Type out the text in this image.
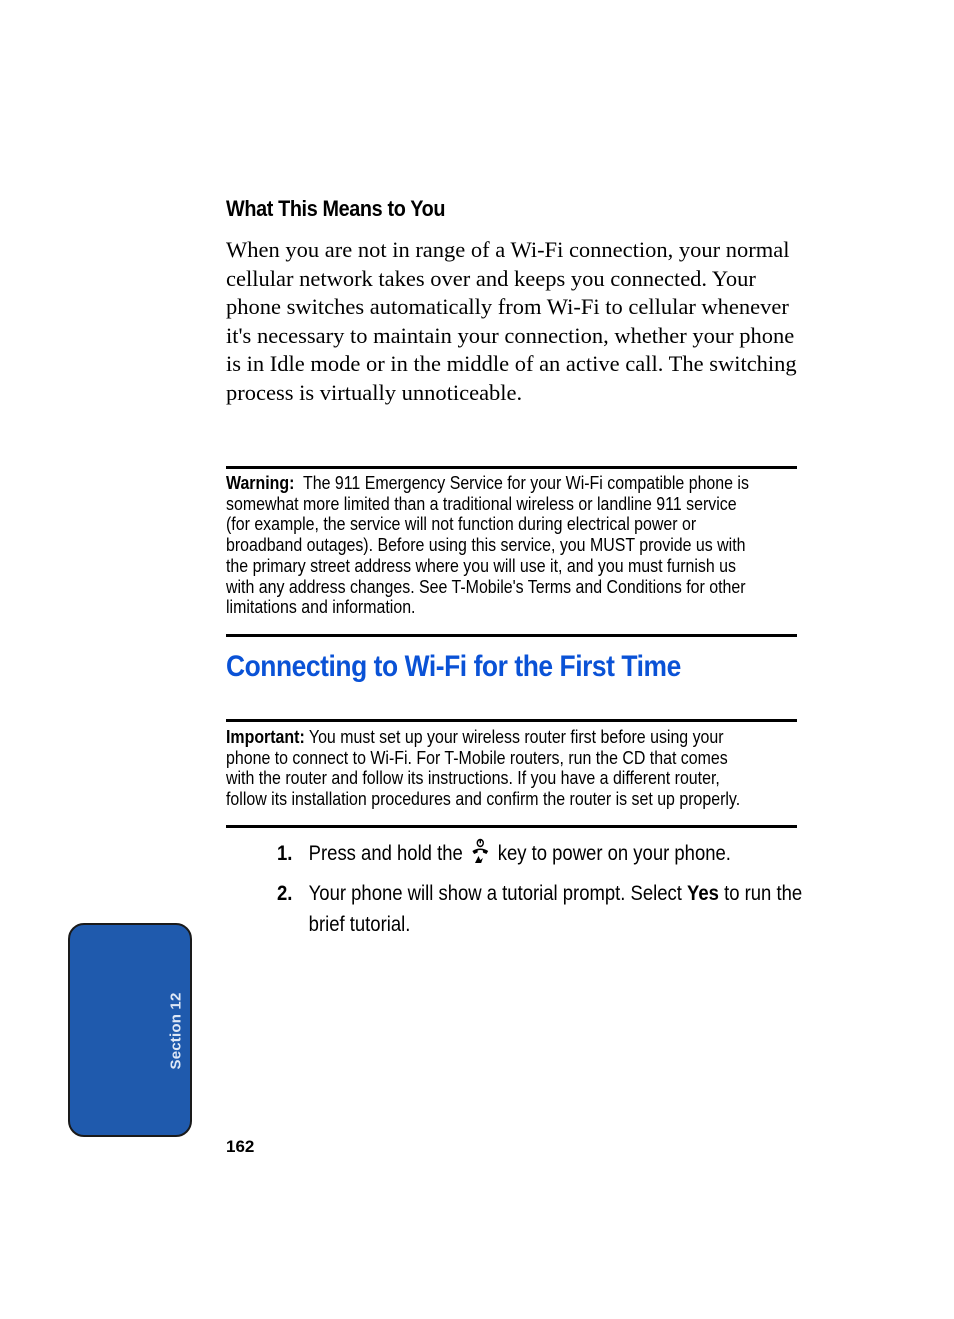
What This Means to You
When you are not in range of a Wi-Fi connection, your normal cellular network takes over and keeps you connected. Your phone switches automatically from Wi-Fi to cellular whenever it's necessary to maintain your connection, whether your phone is in Idle mode or in the middle of an active call. The switching process is virtually unnoticeable.
Warning: The 911 Emergency Service for your Wi-Fi compatible phone is somewhat more limited than a traditional wireless or landline 911 service (for example, the service will not function during electrical power or broadband outages). Before using this service, you MUST provide us with the primary street address where you will use it, and you must furnish us with any address changes. See T-Mobile's Terms and Conditions for other limitations and information.
Connecting to Wi-Fi for the First Time
Important: You must set up your wireless router first before using your phone to connect to Wi-Fi. For T-Mobile routers, run the CD that comes with the router and follow its instructions. If you have a different router, follow its installation procedures and confirm the router is set up properly.
1. Press and hold the key to power on your phone.
2. Your phone will show a tutorial prompt. Select Yes to run the brief tutorial.
Section 12
162
